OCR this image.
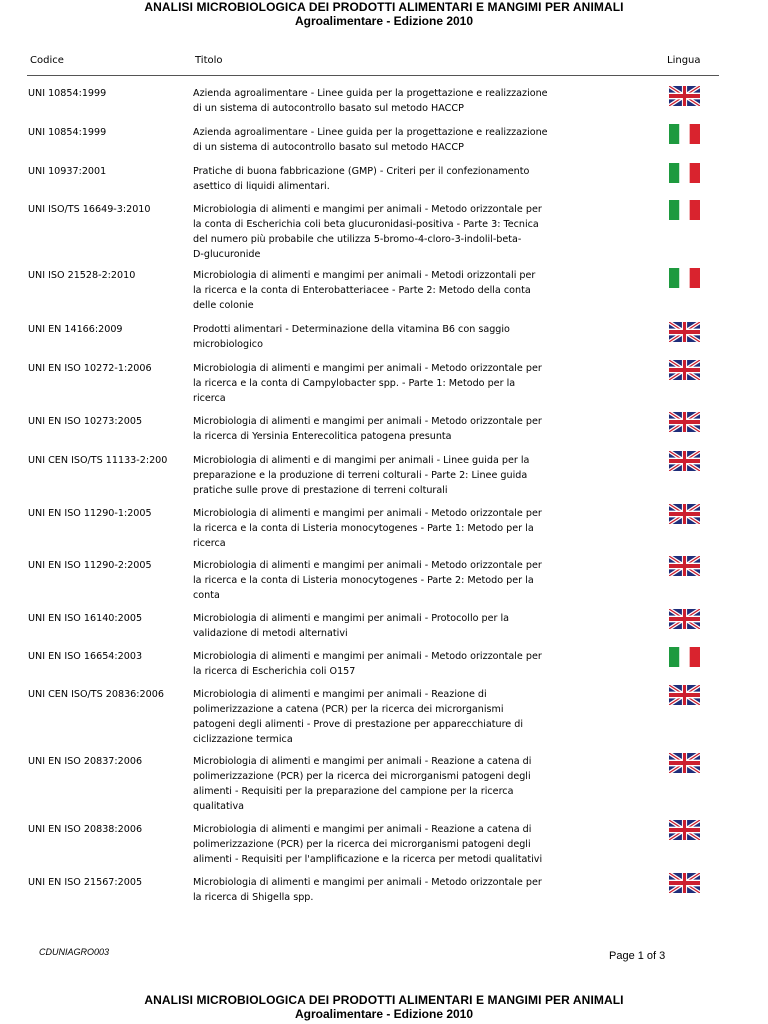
ANALISI MICROBIOLOGICA DEI PRODOTTI ALIMENTARI E MANGIMI PER ANIMALI
Agroalimentare - Edizione 2010
Codice	Titolo	Lingua
UNI 10854:1999	Azienda agroalimentare - Linee guida per la progettazione e realizzazione
di un sistema di autocontrollo basato sul metodo HACCP
UNI 10854:1999	Azienda agroalimentare - Linee guida per la progettazione e realizzazione
di un sistema di autocontrollo basato sul metodo HACCP
UNI 10937:2001	Pratiche di buona fabbricazione (GMP) - Criteri per il confezionamento
asettico di liquidi alimentari.
UNI ISO/TS 16649-3:2010	Microbiologia di alimenti e mangimi per animali - Metodo orizzontale per
la conta di Escherichia coli beta glucuronidasi-positiva - Parte 3: Tecnica
del numero più probabile che utilizza 5-bromo-4-cloro-3-indolil-beta-
D-glucuronide
UNI ISO 21528-2:2010	Microbiologia di alimenti e mangimi per animali - Metodi orizzontali per
la ricerca e la conta di Enterobatteriacee - Parte 2: Metodo della conta
delle colonie
UNI EN 14166:2009	Prodotti alimentari - Determinazione della vitamina B6 con saggio
microbiologico
UNI EN ISO 10272-1:2006	Microbiologia di alimenti e mangimi per animali - Metodo orizzontale per
la ricerca e la conta di Campylobacter spp. - Parte 1: Metodo per la
ricerca
UNI EN ISO 10273:2005	Microbiologia di alimenti e mangimi per animali - Metodo orizzontale per
la ricerca di Yersinia Enterecolitica patogena presunta
UNI CEN ISO/TS 11133-2:200	Microbiologia di alimenti e di mangimi per animali - Linee guida per la
preparazione e la produzione di terreni colturali - Parte 2: Linee guida
pratiche sulle prove di prestazione di terreni colturali
UNI EN ISO 11290-1:2005	Microbiologia di alimenti e mangimi per animali - Metodo orizzontale per
la ricerca e la conta di Listeria monocytogenes - Parte 1: Metodo per la
ricerca
UNI EN ISO 11290-2:2005	Microbiologia di alimenti e mangimi per animali - Metodo orizzontale per
la ricerca e la conta di Listeria monocytogenes - Parte 2: Metodo per la
conta
UNI EN ISO 16140:2005	Microbiologia di alimenti e mangimi per animali - Protocollo per la
validazione di metodi alternativi
UNI EN ISO 16654:2003	Microbiologia di alimenti e mangimi per animali - Metodo orizzontale per
la ricerca di Escherichia coli O157
UNI CEN ISO/TS 20836:2006	Microbiologia di alimenti e mangimi per animali - Reazione di
polimerizzazione a catena (PCR) per la ricerca dei microrganismi
patogeni degli alimenti - Prove di prestazione per apparecchiature di
ciclizzazione termica
UNI EN ISO 20837:2006	Microbiologia di alimenti e mangimi per animali - Reazione a catena di
polimerizzazione (PCR) per la ricerca dei microrganismi patogeni degli
alimenti - Requisiti per la preparazione del campione per la ricerca
qualitativa
UNI EN ISO 20838:2006	Microbiologia di alimenti e mangimi per animali - Reazione a catena di
polimerizzazione (PCR) per la ricerca dei microrganismi patogeni degli
alimenti - Requisiti per l'amplificazione e la ricerca per metodi qualitativi
UNI EN ISO 21567:2005	Microbiologia di alimenti e mangimi per animali - Metodo orizzontale per
la ricerca di Shigella spp.
CDUNIAGRO003	Page 1 of 3
ANALISI MICROBIOLOGICA DEI PRODOTTI ALIMENTARI E MANGIMI PER ANIMALI
Agroalimentare - Edizione 2010
